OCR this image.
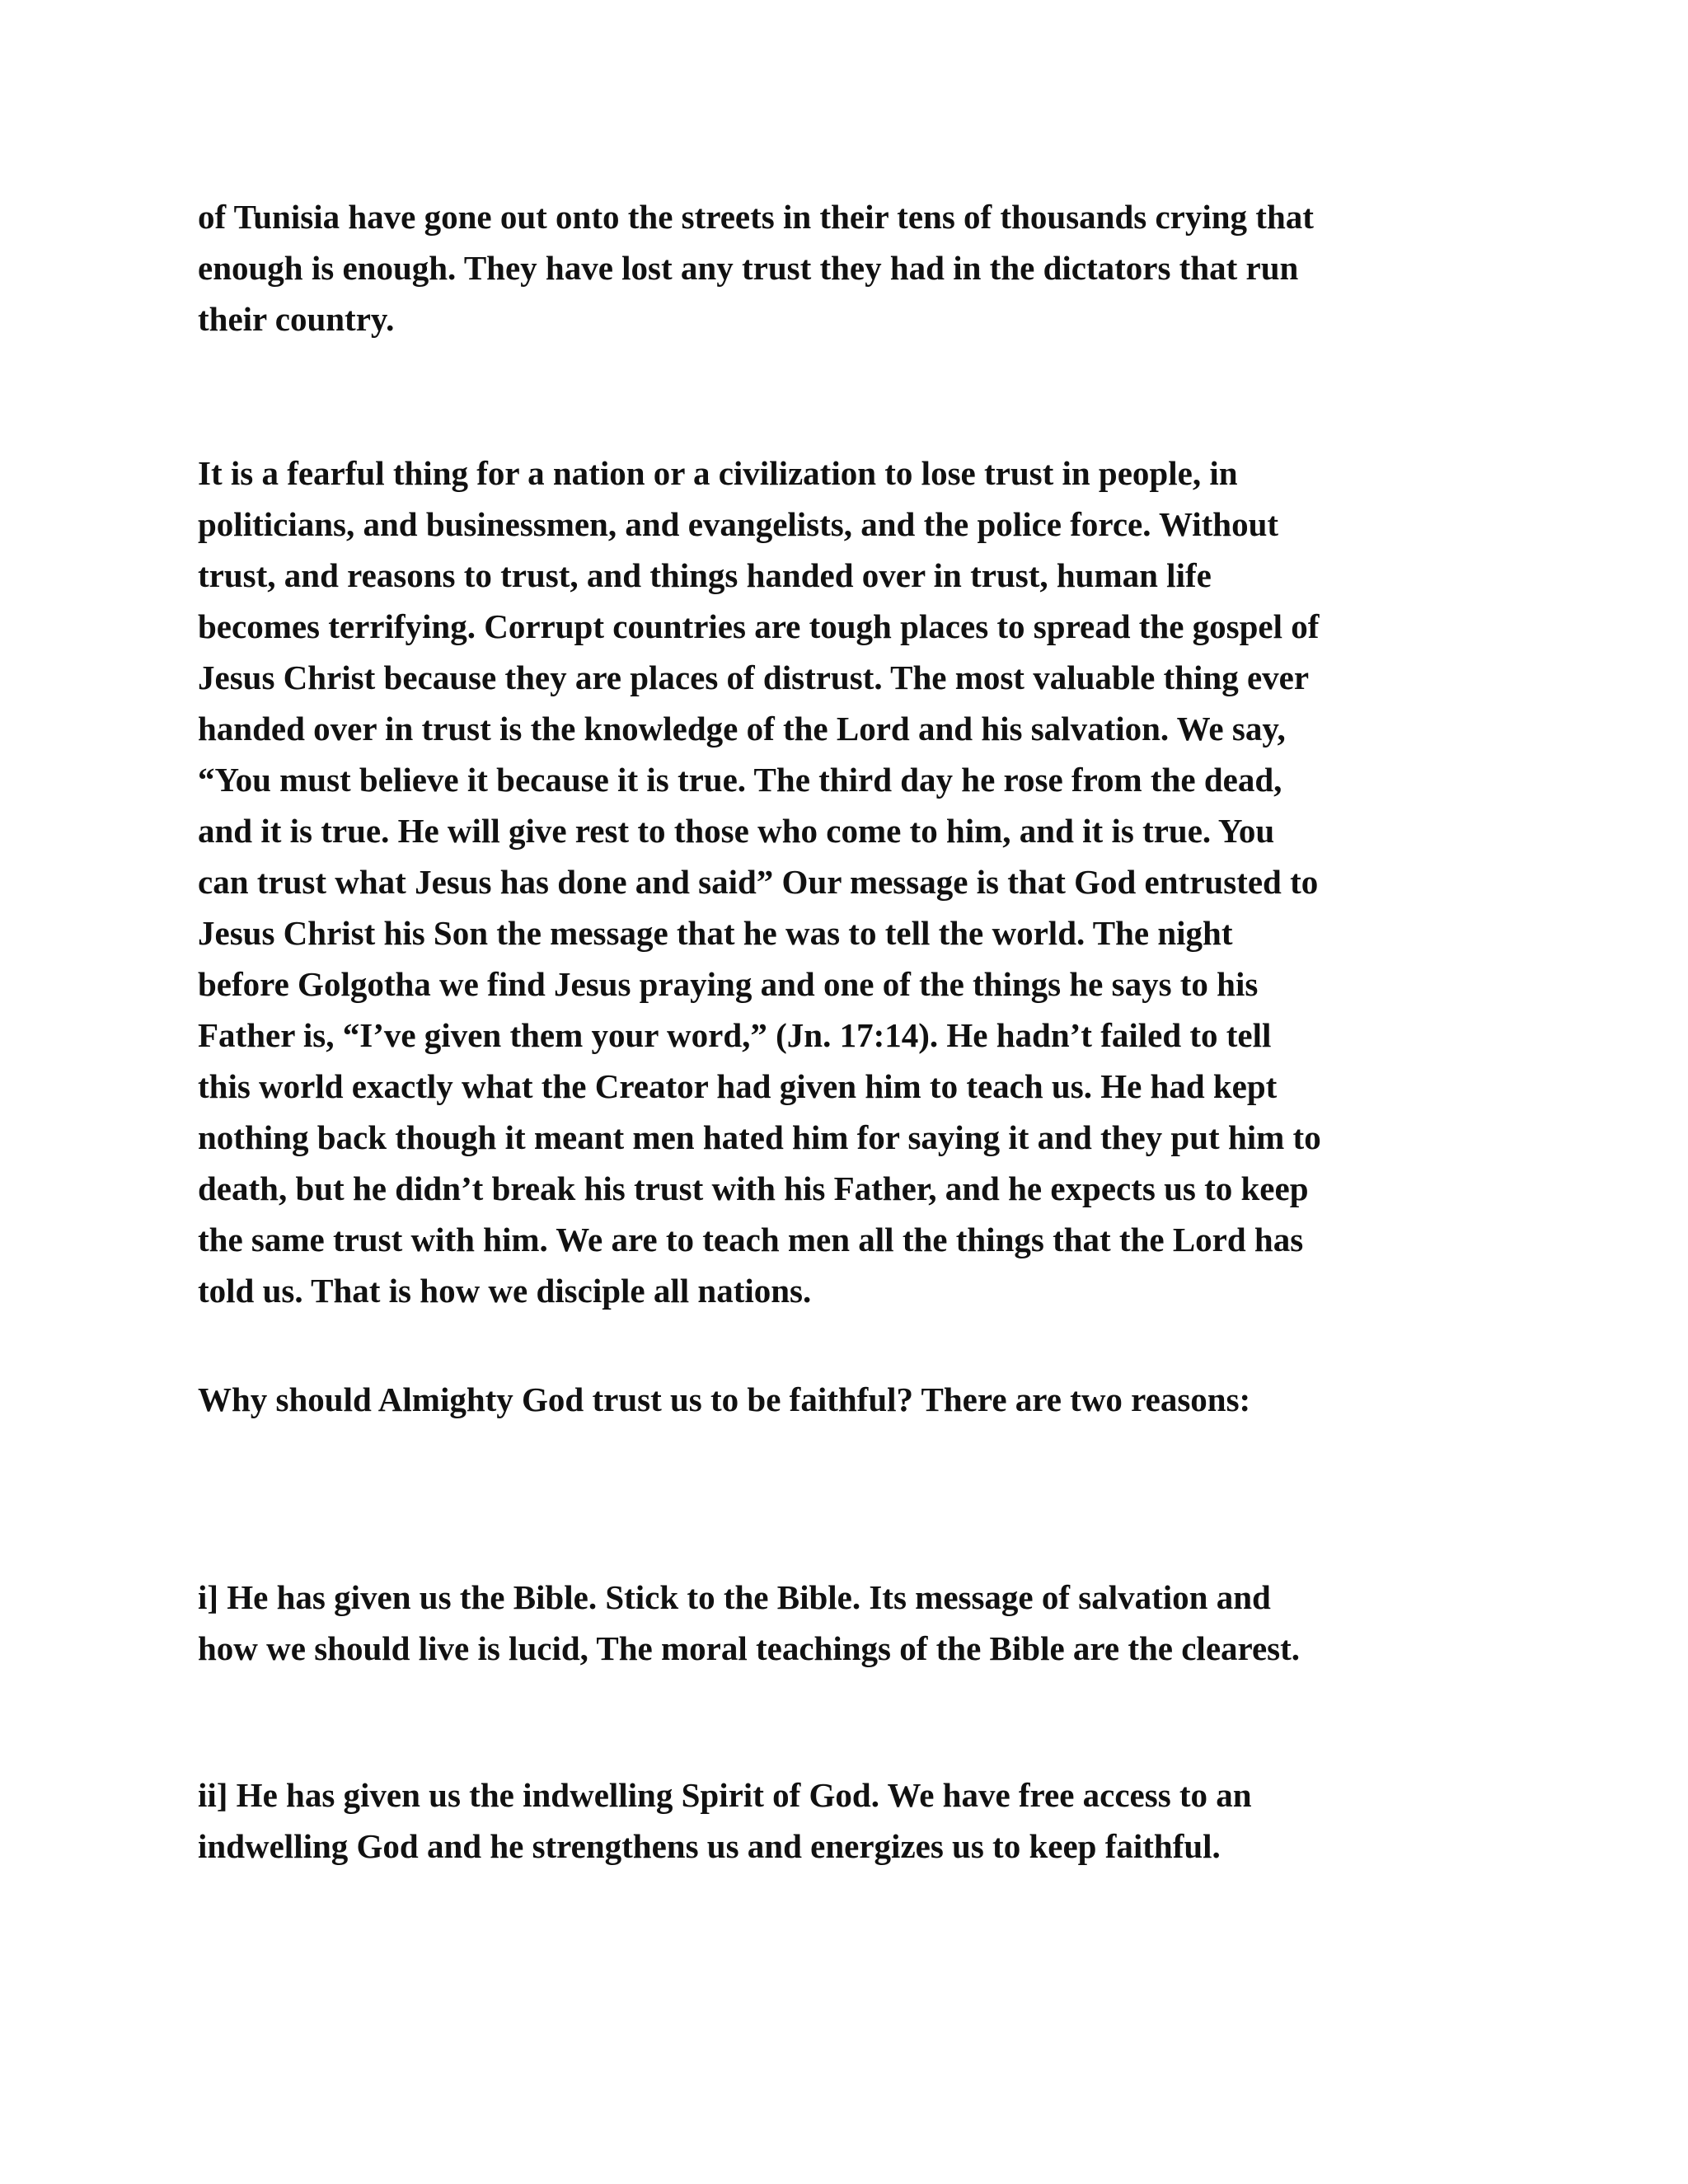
of Tunisia have gone out onto the streets in their tens of thousands crying that
enough is enough. They have lost any trust they had in the dictators that run
their country.

It is a fearful thing for a nation or a civilization to lose trust in people, in
politicians, and businessmen, and evangelists, and the police force. Without
trust, and reasons to trust, and things handed over in trust, human life
becomes terrifying. Corrupt countries are tough places to spread the gospel of
Jesus Christ because they are places of distrust. The most valuable thing ever
handed over in trust is the knowledge of the Lord and his salvation. We say,
“You must believe it because it is true. The third day he rose from the dead,
and it is true. He will give rest to those who come to him, and it is true. You
can trust what Jesus has done and said” Our message is that God entrusted to
Jesus Christ his Son the message that he was to tell the world. The night
before Golgotha we find Jesus praying and one of the things he says to his
Father is, “I’ve given them your word,” (Jn. 17:14). He hadn’t failed to tell
this world exactly what the Creator had given him to teach us. He had kept
nothing back though it meant men hated him for saying it and they put him to
death, but he didn’t break his trust with his Father, and he expects us to keep
the same trust with him. We are to teach men all the things that the Lord has
told us. That is how we disciple all nations.

Why should Almighty God trust us to be faithful? There are two reasons:

i] He has given us the Bible. Stick to the Bible. Its message of salvation and
how we should live is lucid, The moral teachings of the Bible are the clearest.

ii] He has given us the indwelling Spirit of God. We have free access to an
indwelling God and he strengthens us and energizes us to keep faithful.
